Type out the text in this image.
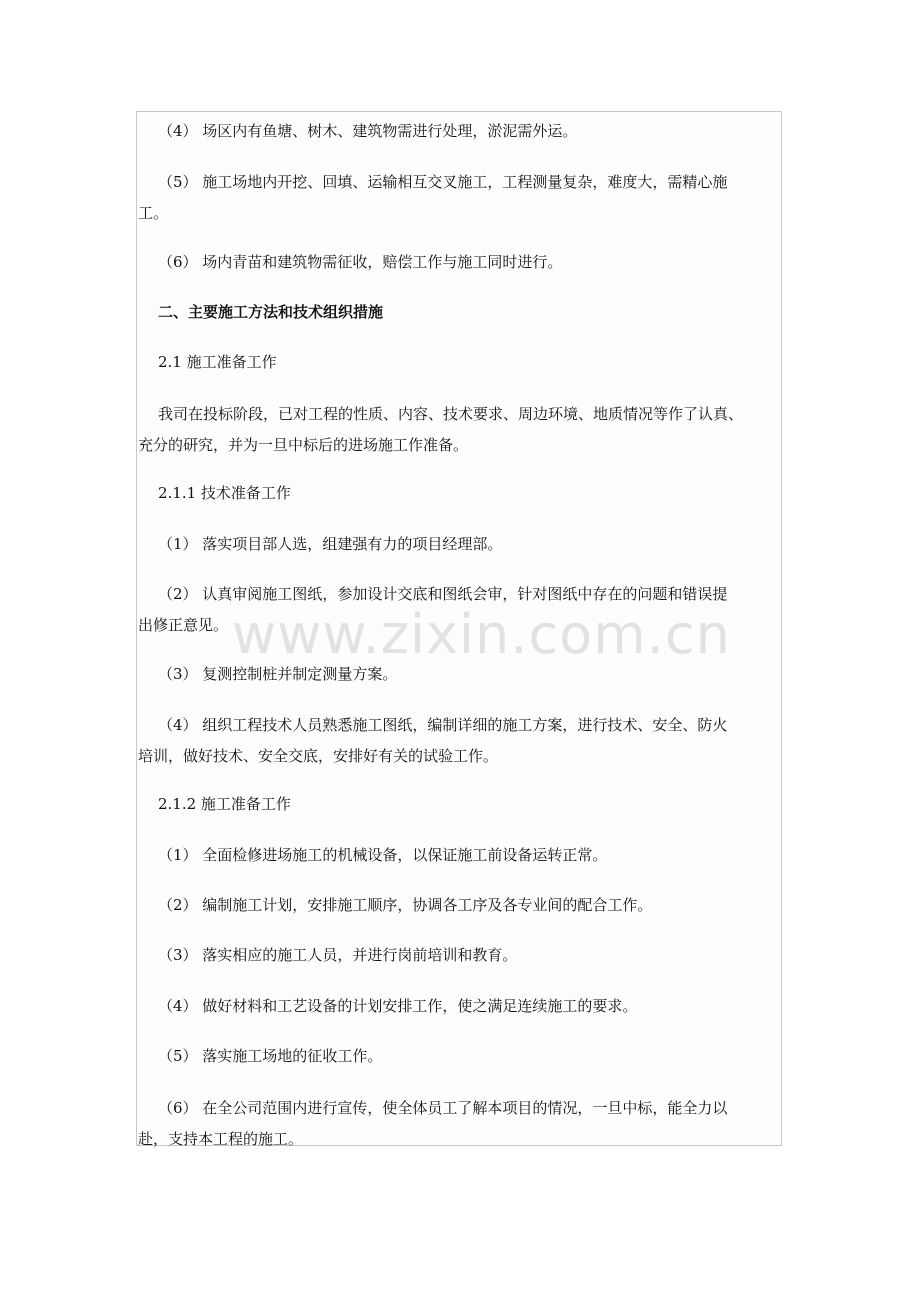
（4） 场区内有鱼塘、树木、建筑物需进行处理，淤泥需外运。
（5） 施工场地内开挖、回填、运输相互交叉施工，工程测量复杂，难度大，需精心施
工。
（6） 场内青苗和建筑物需征收，赔偿工作与施工同时进行。
二、主要施工方法和技术组织措施
2.1 施工准备工作
我司在投标阶段，已对工程的性质、内容、技术要求、周边环境、地质情况等作了认真、
充分的研究，并为一旦中标后的进场施工作准备。
2.1.1 技术准备工作
（1） 落实项目部人选，组建强有力的项目经理部。
（2） 认真审阅施工图纸，参加设计交底和图纸会审，针对图纸中存在的问题和错误提
出修正意见。
（3） 复测控制桩并制定测量方案。
（4） 组织工程技术人员熟悉施工图纸，编制详细的施工方案，进行技术、安全、防火
培训，做好技术、安全交底，安排好有关的试验工作。
2.1.2 施工准备工作
（1） 全面检修进场施工的机械设备，以保证施工前设备运转正常。
（2） 编制施工计划，安排施工顺序，协调各工序及各专业间的配合工作。
（3） 落实相应的施工人员，并进行岗前培训和教育。
（4） 做好材料和工艺设备的计划安排工作，使之满足连续施工的要求。
（5） 落实施工场地的征收工作。
（6） 在全公司范围内进行宣传，使全体员工了解本项目的情况，一旦中标，能全力以
赴，支持本工程的施工。
www.zixin.com.cn
